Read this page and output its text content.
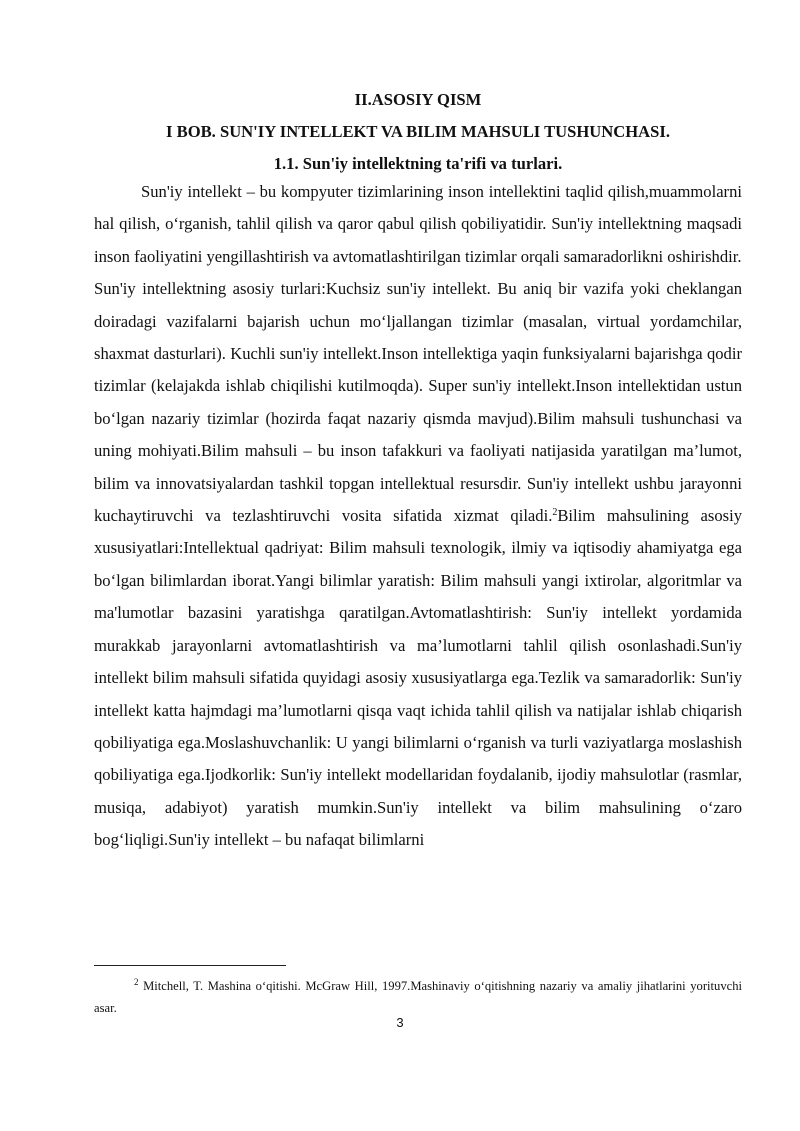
II.ASOSIY QISM

I BOB. SUN'IY INTELLEKT VA BILIM MAHSULI TUSHUNCHASI.

1.1. Sun'iy intellektning ta'rifi va turlari.

Sun'iy intellekt – bu kompyuter tizimlarining inson intellektini taqlid qilish,muammolarni hal qilish, o‘rganish, tahlil qilish va qaror qabul qilish qobiliyatidir. Sun'iy intellektning maqsadi inson faoliyatini yengillashtirish va avtomatlashtirilgan tizimlar orqali samaradorlikni oshirishdir.

Sun'iy intellektning asosiy turlari:Kuchsiz sun'iy intellekt. Bu aniq bir vazifa yoki cheklangan doiradagi vazifalarni bajarish uchun mo‘ljallangan tizimlar (masalan, virtual yordamchilar, shaxmat dasturlari). Kuchli sun'iy intellekt.Inson intellektiga yaqin funksiyalarni bajarishga qodir tizimlar (kelajakda ishlab chiqilishi kutilmoqda). Super sun'iy intellekt.Inson intellektidan ustun bo‘lgan nazariy tizimlar (hozirda faqat nazariy qismda mavjud).Bilim mahsuli tushunchasi va uning mohiyati.Bilim mahsuli – bu inson tafakkuri va faoliyati natijasida yaratilgan ma’lumot, bilim va innovatsiyalardan tashkil topgan intellektual resursdir. Sun'iy intellekt ushbu jarayonni kuchaytiruvchi va tezlashtiruvchi vosita sifatida xizmat qiladi.$^2$Bilim mahsulining asosiy xususiyatlari:Intellektual qadriyat: Bilim mahsuli texnologik, ilmiy va iqtisodiy ahamiyatga ega bo‘lgan bilimlardan iborat.Yangi bilimlar yaratish: Bilim mahsuli yangi ixtirolar, algoritmlar va ma'lumotlar bazasini yaratishga qaratilgan.Avtomatlashtirish: Sun'iy intellekt yordamida murakkab jarayonlarni avtomatlashtirish va ma’lumotlarni tahlil qilish osonlashadi.Sun'iy intellekt bilim mahsuli sifatida quyidagi asosiy xususiyatlarga ega.Tezlik va samaradorlik: Sun'iy intellekt katta hajmdagi ma’lumotlarni qisqa vaqt ichida tahlil qilish va natijalar ishlab chiqarish qobiliyatiga ega.Moslashuvchanlik: U yangi bilimlarni o‘rganish va turli vaziyatlarga moslashish qobiliyatiga ega.Ijodkorlik: Sun'iy intellekt modellaridan foydalanib, ijodiy mahsulotlar (rasmlar, musiqa, adabiyot) yaratish mumkin.Sun'iy intellekt va bilim mahsulining o‘zaro bog‘liqligi.Sun'iy intellekt – bu nafaqat bilimlarni

$^2$ Mitchell, T. Mashina o‘qitishi. McGraw Hill, 1997.Mashinaviy o‘qitishning nazariy va amaliy jihatlarini yorituvchi asar.

3
